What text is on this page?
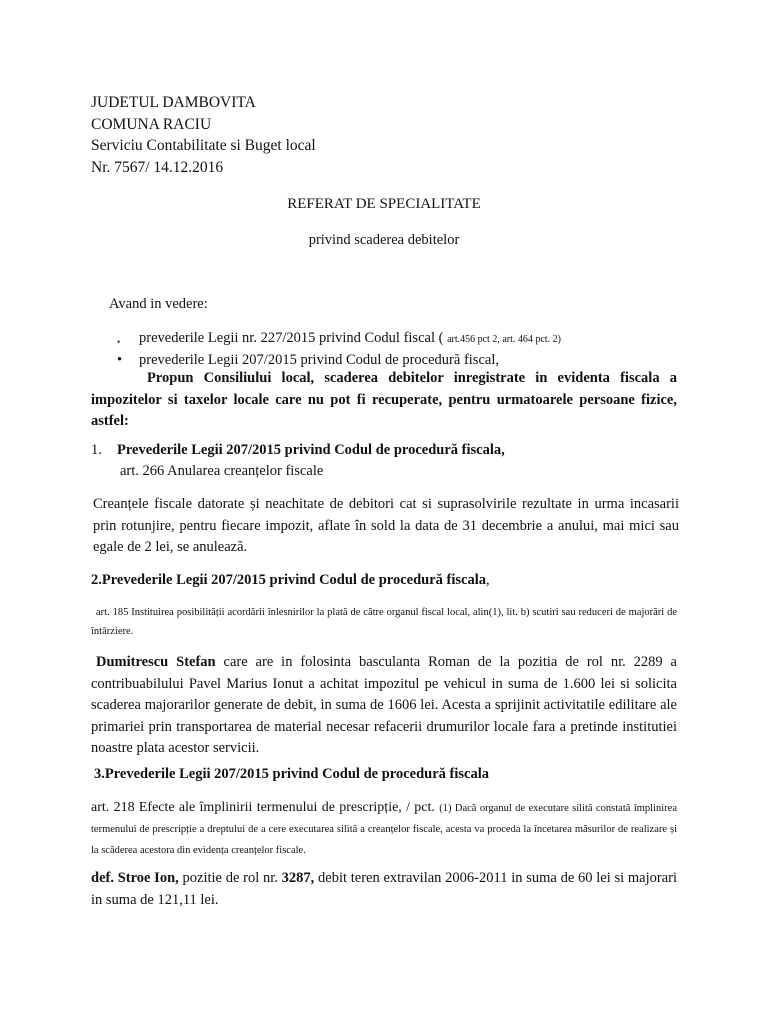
JUDETUL DAMBOVITA
COMUNA RACIU
Serviciu Contabilitate si Buget local
Nr. 7567/ 14.12.2016
REFERAT DE SPECIALITATE
privind scaderea debitelor
Avand in vedere:
• prevederile Legii nr. 227/2015 privind Codul fiscal ( art.456 pct 2, art. 464 pct. 2)
• prevederile Legii 207/2015 privind Codul de procedură fiscal,
Propun Consiliului local, scaderea debitelor inregistrate in evidenta fiscala a impozitelor si taxelor locale care nu pot fi recuperate, pentru urmatoarele persoane fizice, astfel:
1. Prevederile Legii 207/2015 privind Codul de procedură fiscala,
art. 266 Anularea creanțelor fiscale
Creanțele fiscale datorate și neachitate de debitori cat si suprasolvirile rezultate in urma incasarii prin rotunjire, pentru fiecare impozit, aflate în sold la data de 31 decembrie a anului, mai mici sau egale de 2 lei, se anulează.
2.Prevederile Legii 207/2015 privind Codul de procedură fiscala,
art. 185 Instituirea posibilității acordării înlesnirilor la plată de către organul fiscal local, alin(1), lit. b) scutiri sau reduceri de majorări de întârziere.
Dumitrescu Stefan care are in folosinta basculanta Roman de la pozitia de rol nr. 2289 a contribuabilului Pavel Marius Ionut a achitat impozitul pe vehicul in suma de 1.600 lei si solicita scaderea majorarilor generate de debit, in suma de 1606 lei. Acesta a sprijinit activitatile edilitare ale primariei prin transportarea de material necesar refacerii drumurilor locale fara a pretinde institutiei noastre plata acestor servicii.
3.Prevederile Legii 207/2015 privind Codul de procedură fiscala
art. 218 Efecte ale împlinirii termenului de prescripție, / pct. (1) Dacă organul de executare silită constată împlinirea termenului de prescripție a dreptului de a cere executarea silită a creanțelor fiscale, acesta va proceda la încetarea măsurilor de realizare și la scăderea acestora din evidența creanțelor fiscale.
def. Stroe Ion, pozitie de rol nr. 3287, debit teren extravilan 2006-2011 in suma de 60 lei si majorari in suma de 121,11 lei.
